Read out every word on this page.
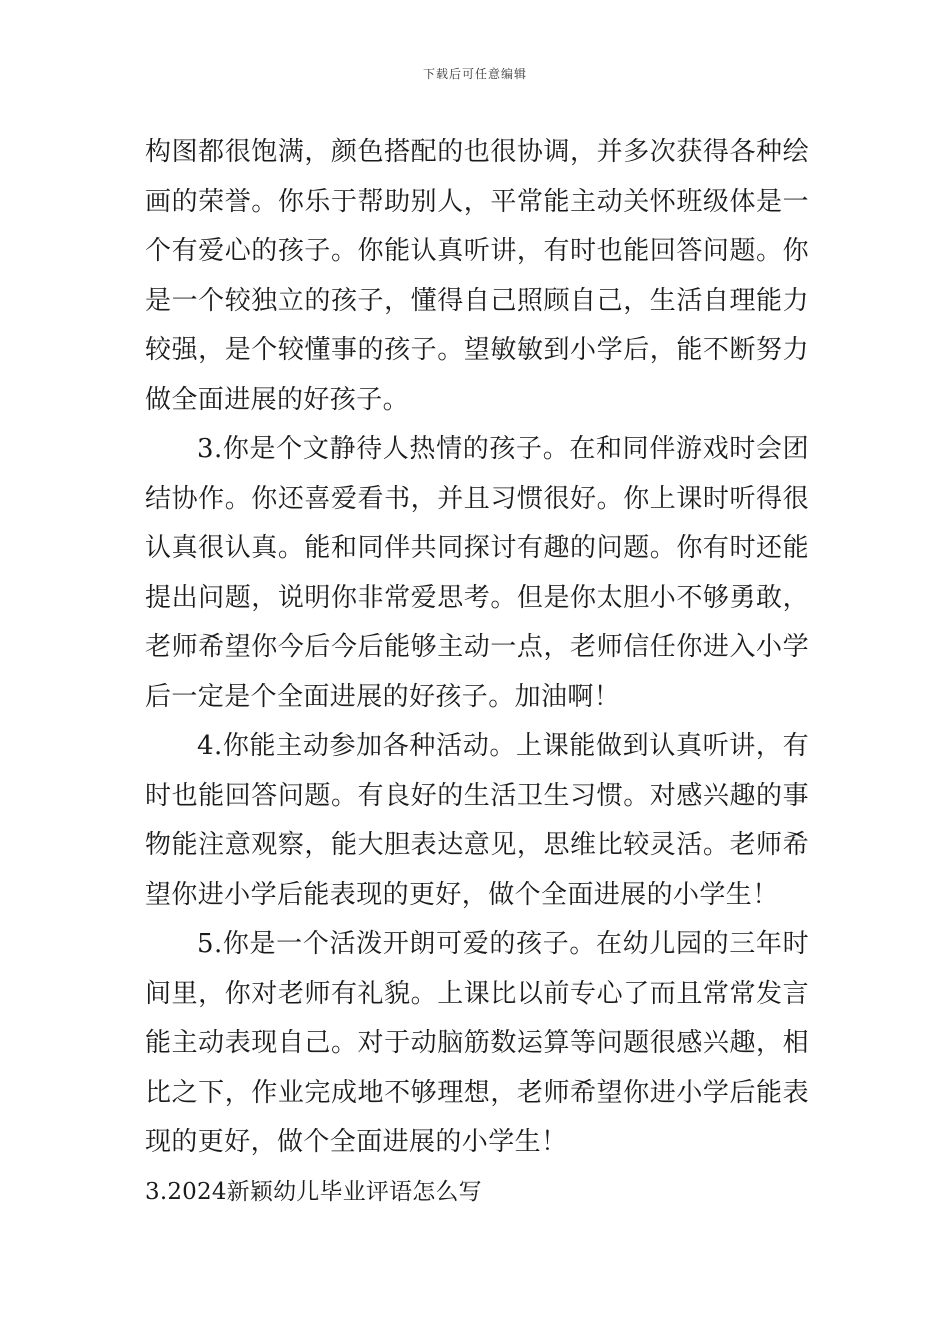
下载后可任意编辑

构图都很饱满，颜色搭配的也很协调，并多次获得各种绘画的荣誉。你乐于帮助别人，平常能主动关怀班级体是一个有爱心的孩子。你能认真听讲，有时也能回答问题。你是一个较独立的孩子，懂得自己照顾自己，生活自理能力较强，是个较懂事的孩子。望敏敏到小学后，能不断努力做全面进展的好孩子。

3.你是个文静待人热情的孩子。在和同伴游戏时会团结协作。你还喜爱看书，并且习惯很好。你上课时听得很认真很认真。能和同伴共同探讨有趣的问题。你有时还能提出问题，说明你非常爱思考。但是你太胆小不够勇敢，老师希望你今后今后能够主动一点，老师信任你进入小学后一定是个全面进展的好孩子。加油啊！

4.你能主动参加各种活动。上课能做到认真听讲，有时也能回答问题。有良好的生活卫生习惯。对感兴趣的事物能注意观察，能大胆表达意见，思维比较灵活。老师希望你进小学后能表现的更好，做个全面进展的小学生！

5.你是一个活泼开朗可爱的孩子。在幼儿园的三年时间里，你对老师有礼貌。上课比以前专心了而且常常发言能主动表现自己。对于动脑筋数运算等问题很感兴趣，相比之下，作业完成地不够理想，老师希望你进小学后能表现的更好，做个全面进展的小学生！

3.2024新颖幼儿毕业评语怎么写
